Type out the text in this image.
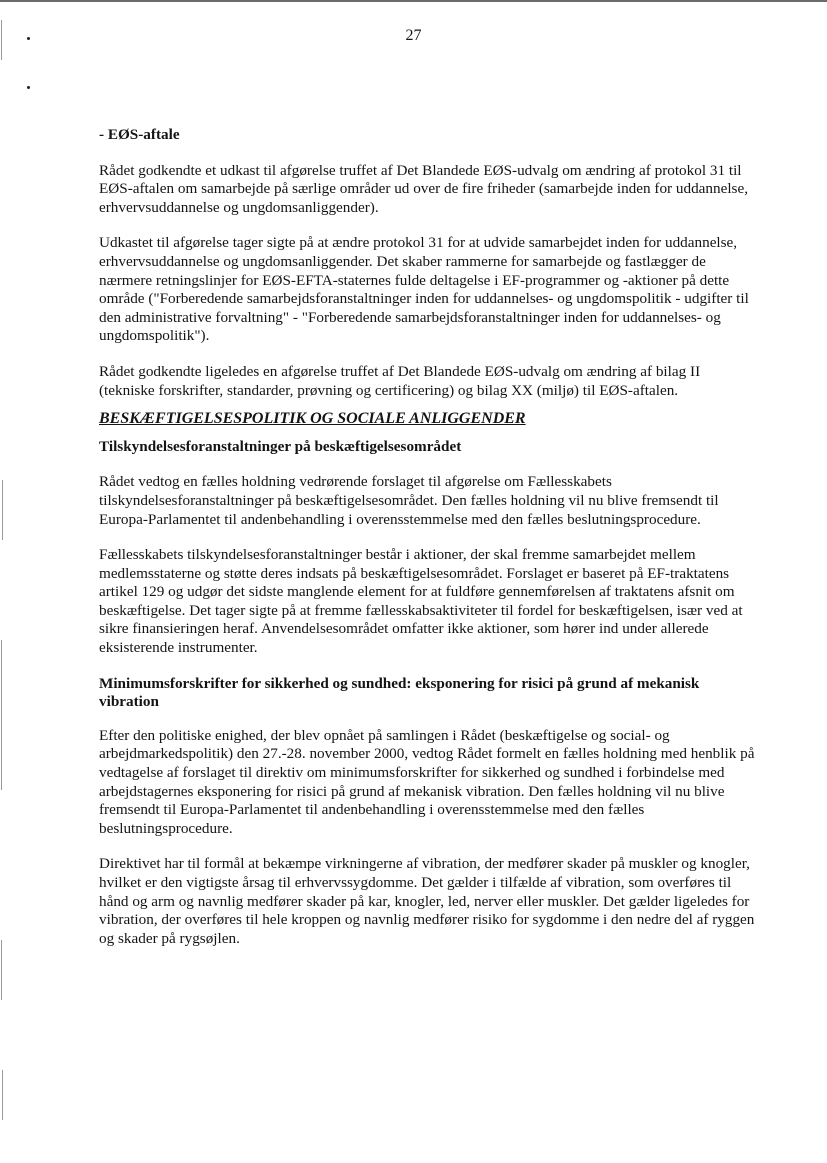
27
- EØS-aftale

Rådet godkendte et udkast til afgørelse truffet af Det Blandede EØS-udvalg om ændring af protokol 31 til EØS-aftalen om samarbejde på særlige områder ud over de fire friheder (samarbejde inden for uddannelse, erhvervsuddannelse og ungdomsanliggender).

Udkastet til afgørelse tager sigte på at ændre protokol 31 for at udvide samarbejdet inden for uddannelse, erhvervsuddannelse og ungdomsanliggender. Det skaber rammerne for samarbejde og fastlægger de nærmere retningslinjer for EØS-EFTA-staternes fulde deltagelse i EF-programmer og -aktioner på dette område ("Forberedende samarbejdsforanstaltninger inden for uddannelses- og ungdomspolitik - udgifter til den administrative forvaltning" - "Forberedende samarbejdsforanstaltninger inden for uddannelses- og ungdomspolitik").

Rådet godkendte ligeledes en afgørelse truffet af Det Blandede EØS-udvalg om ændring af bilag II (tekniske forskrifter, standarder, prøvning og certificering) og bilag XX (miljø) til EØS-aftalen.

BESKÆFTIGELSESPOLITIK OG SOCIALE ANLIGGENDER
Tilskyndelsesforanstaltninger på beskæftigelsesområdet

Rådet vedtog en fælles holdning vedrørende forslaget til afgørelse om Fællesskabets tilskyndelsesforanstaltninger på beskæftigelsesområdet. Den fælles holdning vil nu blive fremsendt til Europa-Parlamentet til andenbehandling i overensstemmelse med den fælles beslutningsprocedure.

Fællesskabets tilskyndelsesforanstaltninger består i aktioner, der skal fremme samarbejdet mellem medlemsstaterne og støtte deres indsats på beskæftigelsesområdet. Forslaget er baseret på EF-traktatens artikel 129 og udgør det sidste manglende element for at fuldføre gennemførelsen af traktatens afsnit om beskæftigelse. Det tager sigte på at fremme fællesskabsaktiviteter til fordel for beskæftigelsen, især ved at sikre finansieringen heraf. Anvendelsesområdet omfatter ikke aktioner, som hører ind under allerede eksisterende instrumenter.

Minimumsforskrifter for sikkerhed og sundhed: eksponering for risici på grund af mekanisk vibration

Efter den politiske enighed, der blev opnået på samlingen i Rådet (beskæftigelse og social- og arbejdmarkedspolitik) den 27.-28. november 2000, vedtog Rådet formelt en fælles holdning med henblik på vedtagelse af forslaget til direktiv om minimumsforskrifter for sikkerhed og sundhed i forbindelse med arbejdstagernes eksponering for risici på grund af mekanisk vibration. Den fælles holdning vil nu blive fremsendt til Europa-Parlamentet til andenbehandling i overensstemmelse med den fælles beslutningsprocedure.

Direktivet har til formål at bekæmpe virkningerne af vibration, der medfører skader på muskler og knogler, hvilket er den vigtigste årsag til erhvervssygdomme. Det gælder i tilfælde af vibration, som overføres til hånd og arm og navnlig medfører skader på kar, knogler, led, nerver eller muskler. Det gælder ligeledes for vibration, der overføres til hele kroppen og navnlig medfører risiko for sygdomme i den nedre del af ryggen og skader på rygsøjlen.
